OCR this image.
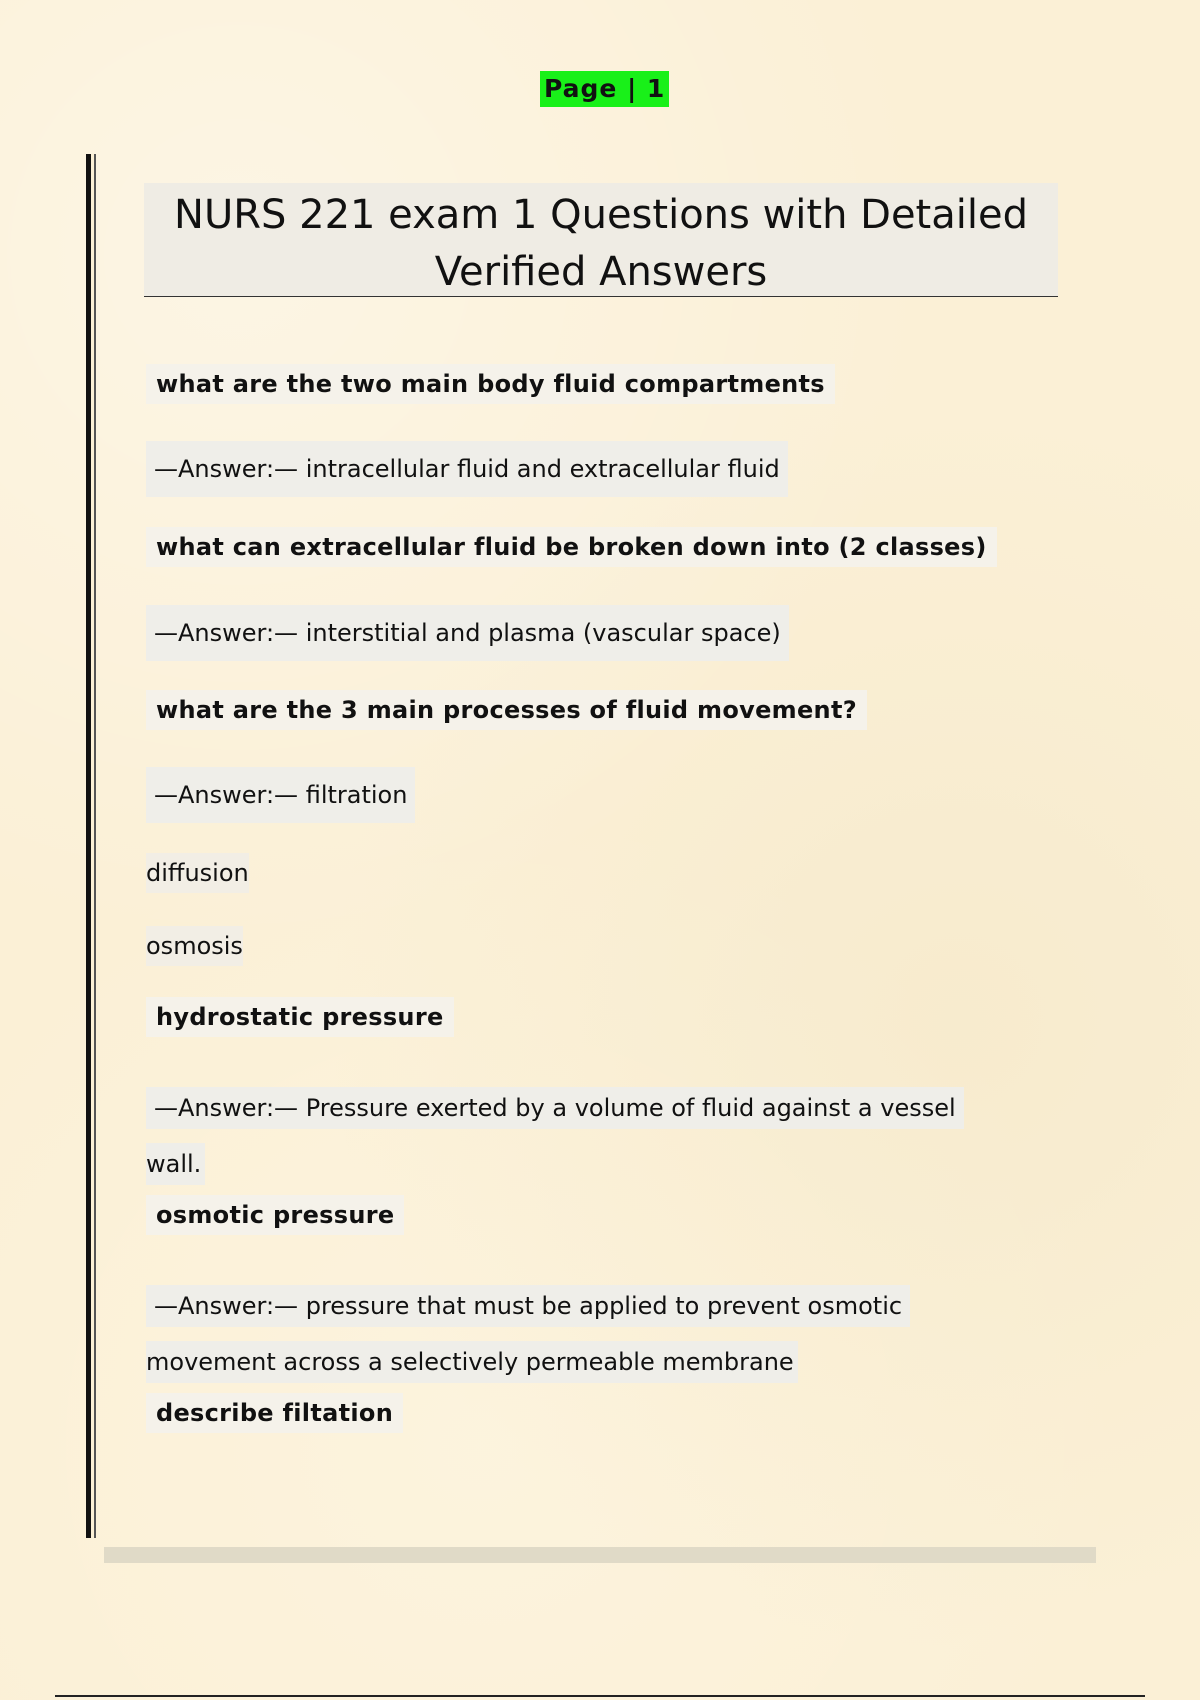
Page | 1
NURS 221 exam 1 Questions with Detailed Verified Answers
what are the two main body fluid compartments
—Answer:— intracellular fluid and extracellular fluid
what can extracellular fluid be broken down into (2 classes)
—Answer:— interstitial and plasma (vascular space)
what are the 3 main processes of fluid movement?
—Answer:— filtration
diffusion
osmosis
hydrostatic pressure
—Answer:— Pressure exerted by a volume of fluid against a vessel
wall.
osmotic pressure
—Answer:— pressure that must be applied to prevent osmotic
movement across a selectively permeable membrane
describe filtation
